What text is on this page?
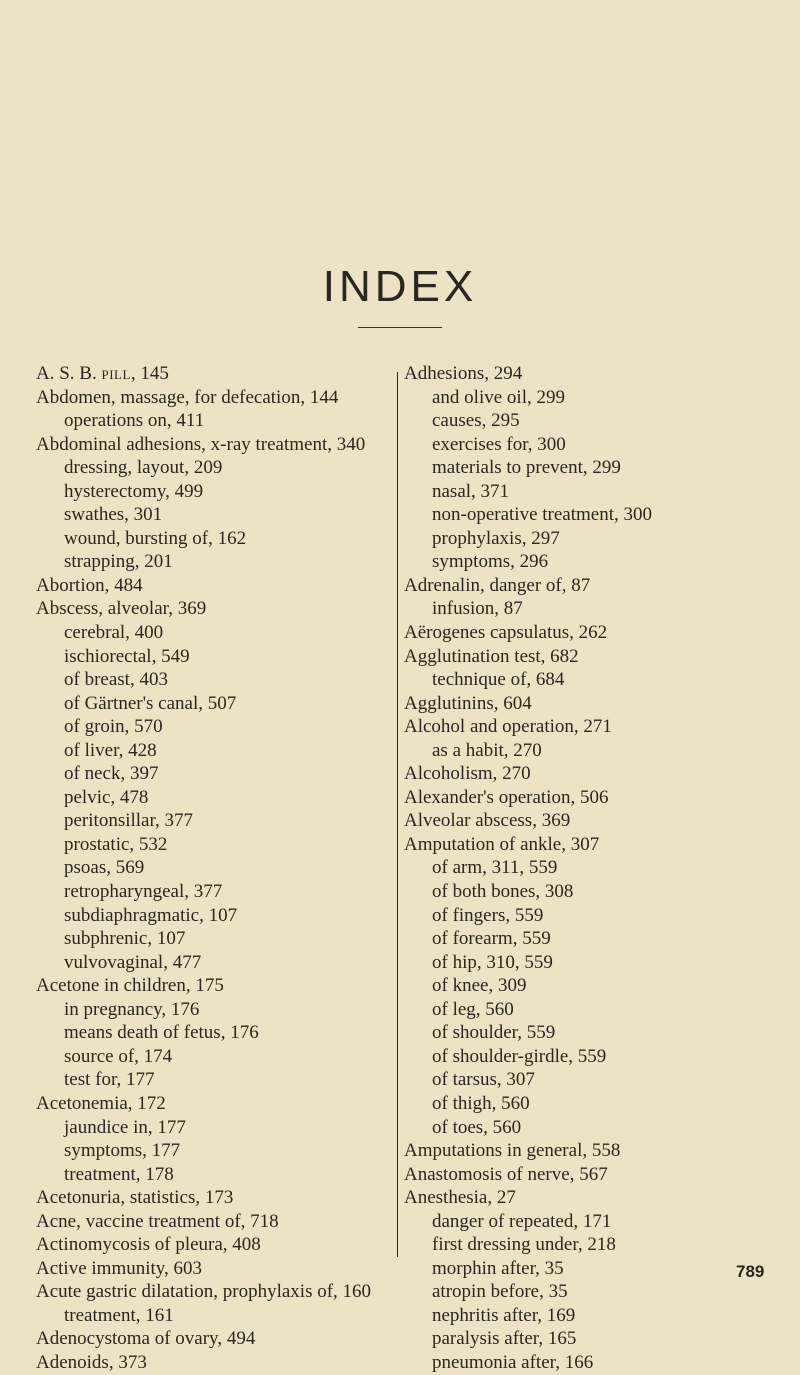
INDEX
A. S. B. pill, 145
Abdomen, massage, for defecation, 144
operations on, 411
Abdominal adhesions, x-ray treatment, 340
dressing, layout, 209
hysterectomy, 499
swathes, 301
wound, bursting of, 162
strapping, 201
Abortion, 484
Abscess, alveolar, 369
cerebral, 400
ischiorectal, 549
of breast, 403
of Gärtner's canal, 507
of groin, 570
of liver, 428
of neck, 397
pelvic, 478
peritonsillar, 377
prostatic, 532
psoas, 569
retropharyngeal, 377
subdiaphragmatic, 107
subphrenic, 107
vulvovaginal, 477
Acetone in children, 175
in pregnancy, 176
means death of fetus, 176
source of, 174
test for, 177
Acetonemia, 172
jaundice in, 177
symptoms, 177
treatment, 178
Acetonuria, statistics, 173
Acne, vaccine treatment of, 718
Actinomycosis of pleura, 408
Active immunity, 603
Acute gastric dilatation, prophylaxis of, 160
treatment, 161
Adenocystoma of ovary, 494
Adenoids, 373
Adhesions, 294
and olive oil, 299
causes, 295
exercises for, 300
materials to prevent, 299
nasal, 371
non-operative treatment, 300
prophylaxis, 297
symptoms, 296
Adrenalin, danger of, 87
infusion, 87
Aërogenes capsulatus, 262
Agglutination test, 682
technique of, 684
Agglutinins, 604
Alcohol and operation, 271
as a habit, 270
Alcoholism, 270
Alexander's operation, 506
Alveolar abscess, 369
Amputation of ankle, 307
of arm, 311, 559
of both bones, 308
of fingers, 559
of forearm, 559
of hip, 310, 559
of knee, 309
of leg, 560
of shoulder, 559
of shoulder-girdle, 559
of tarsus, 307
of thigh, 560
of toes, 560
Amputations in general, 558
Anastomosis of nerve, 567
Anesthesia, 27
danger of repeated, 171
first dressing under, 218
morphin after, 35
atropin before, 35
nephritis after, 169
paralysis after, 165
pneumonia after, 166
789
